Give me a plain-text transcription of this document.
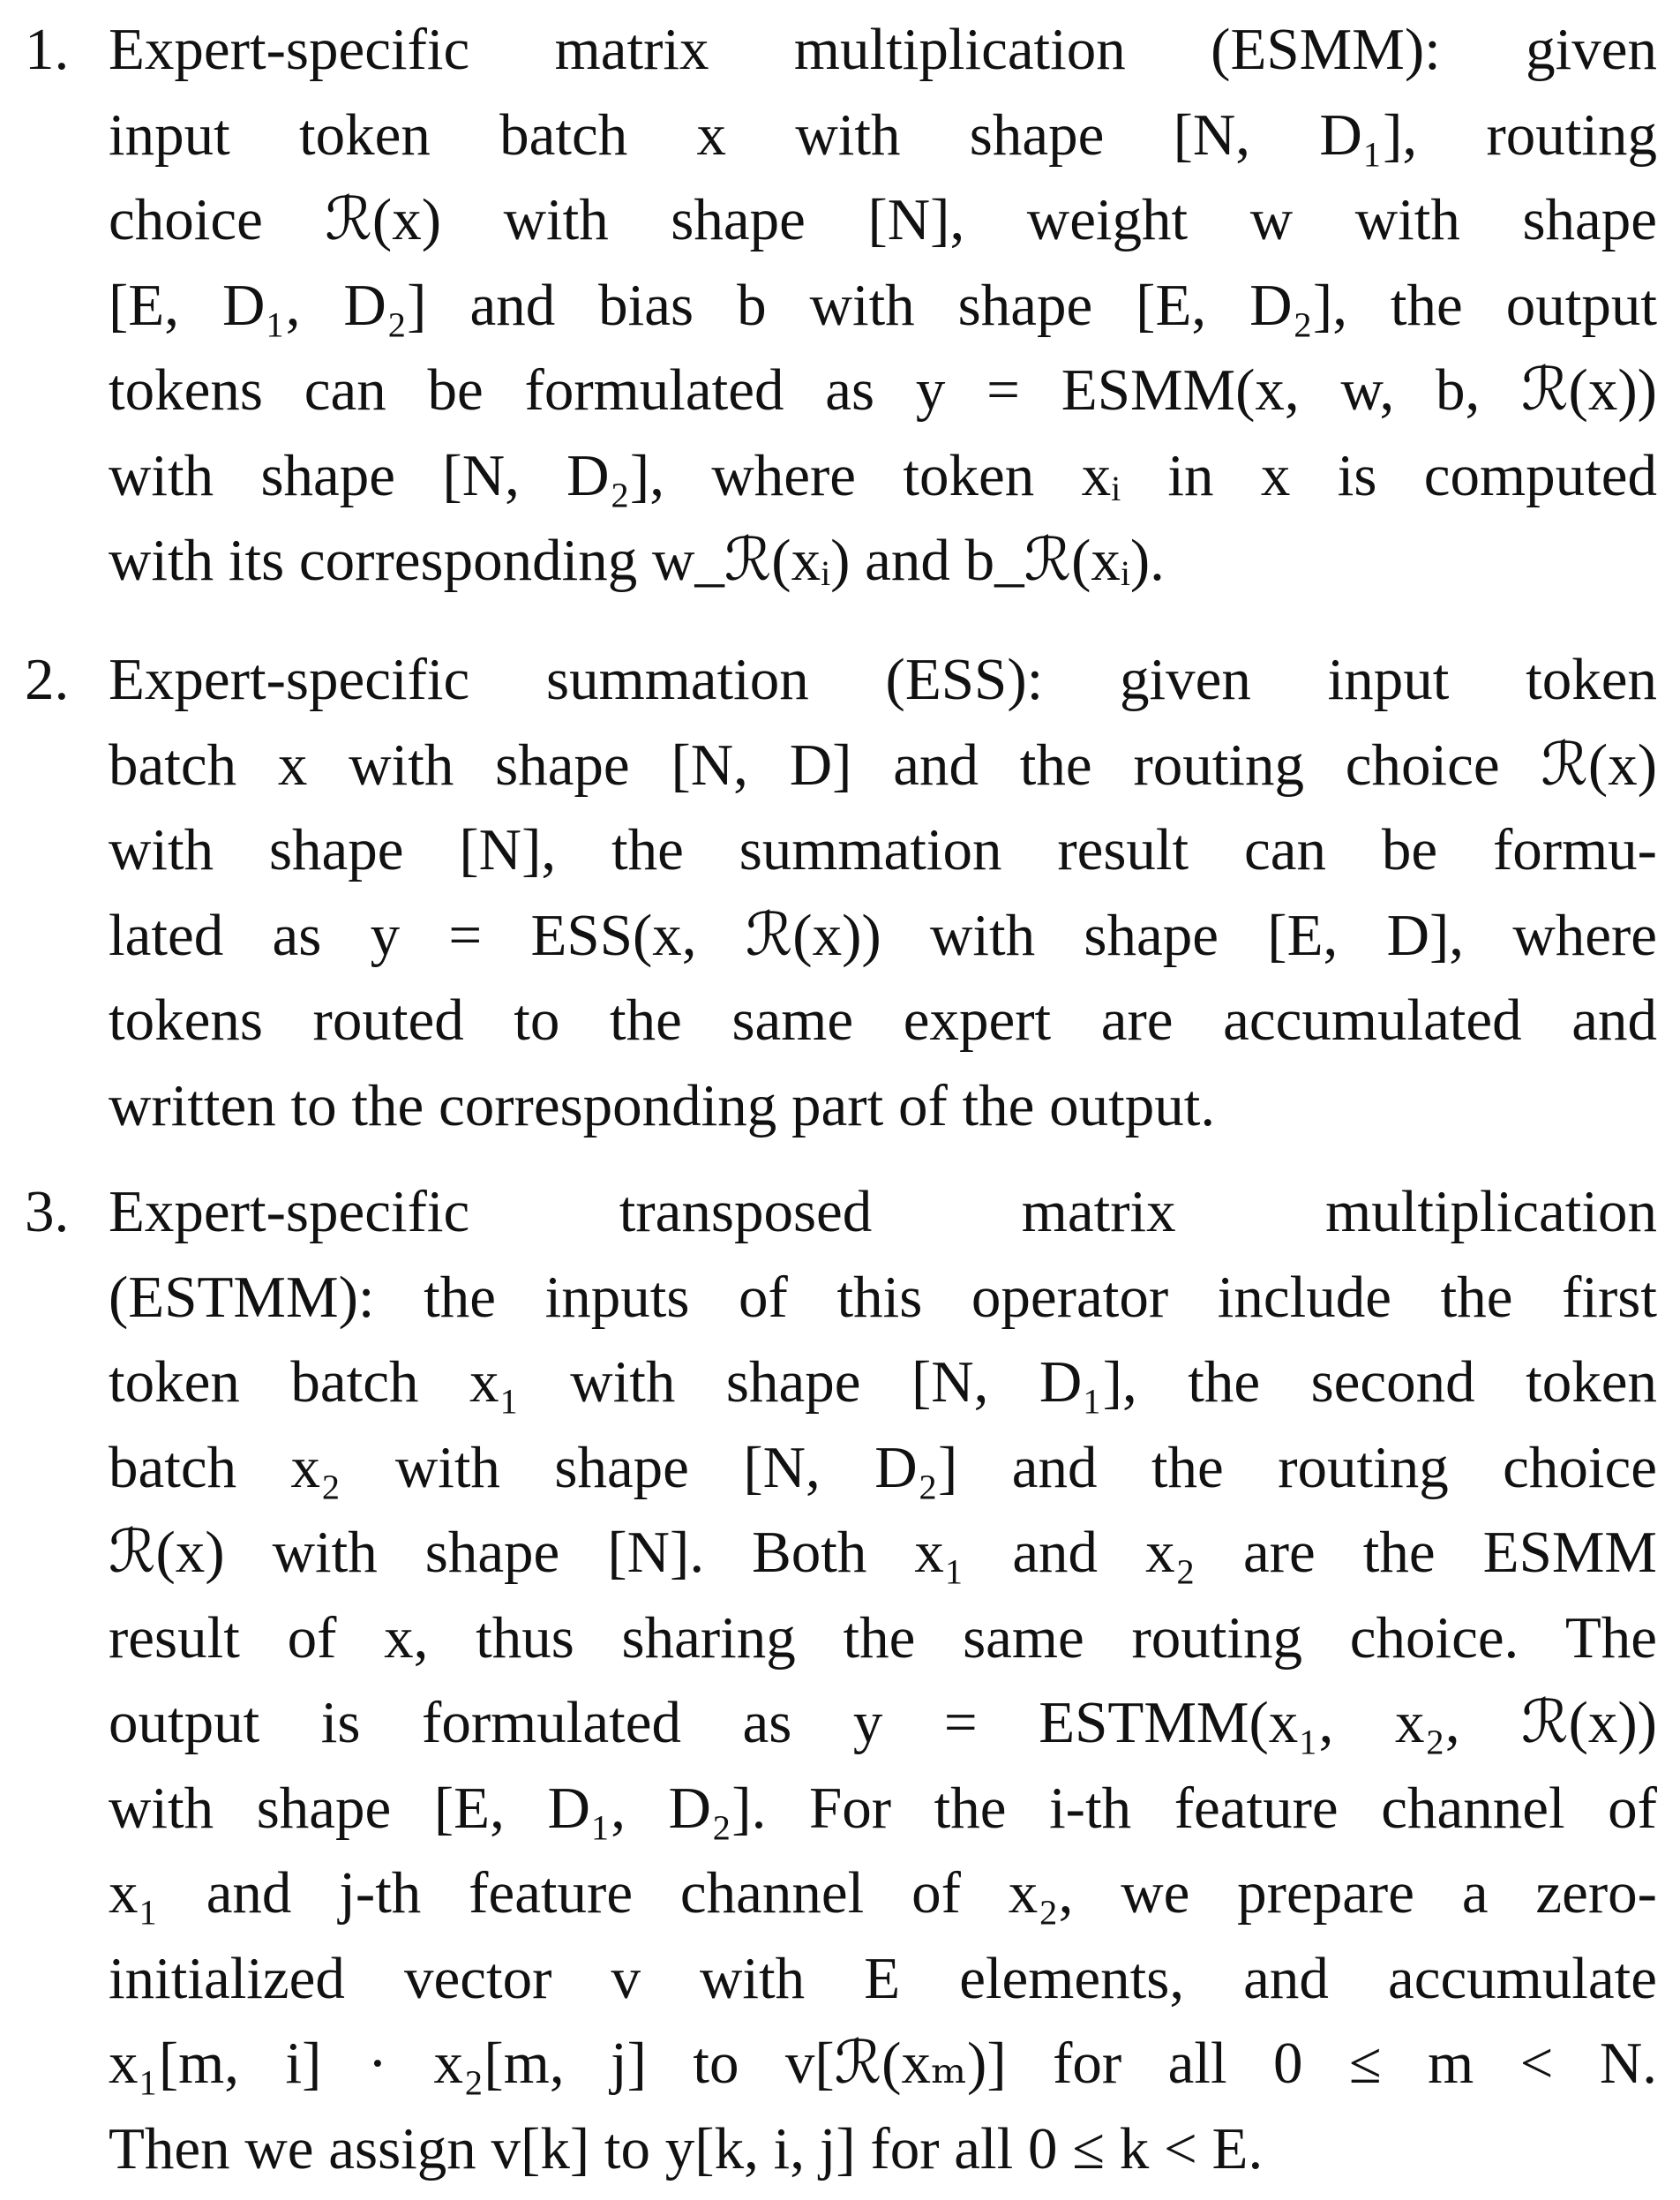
1. Expert-specific matrix multiplication (ESMM): given
input token batch x with shape [N, D₁], routing
choice ℛ(x) with shape [N], weight w with shape
[E, D₁, D₂] and bias b with shape [E, D₂], the output
tokens can be formulated as y = ESMM(x, w, b, ℛ(x))
with shape [N, D₂], where token xᵢ in x is computed
with its corresponding w_ℛ(xᵢ) and b_ℛ(xᵢ).
2. Expert-specific summation (ESS): given input token
batch x with shape [N, D] and the routing choice ℛ(x)
with shape [N], the summation result can be formu-
lated as y = ESS(x, ℛ(x)) with shape [E, D], where
tokens routed to the same expert are accumulated and
written to the corresponding part of the output.
3. Expert-specific transposed matrix multiplication
(ESTMM): the inputs of this operator include the first
token batch x₁ with shape [N, D₁], the second token
batch x₂ with shape [N, D₂] and the routing choice
ℛ(x) with shape [N]. Both x₁ and x₂ are the ESMM
result of x, thus sharing the same routing choice. The
output is formulated as y = ESTMM(x₁, x₂, ℛ(x))
with shape [E, D₁, D₂]. For the i-th feature channel of
x₁ and j-th feature channel of x₂, we prepare a zero-
initialized vector v with E elements, and accumulate
x₁[m, i] · x₂[m, j] to v[ℛ(xₘ)] for all 0 ≤ m < N.
Then we assign v[k] to y[k, i, j] for all 0 ≤ k < E.
